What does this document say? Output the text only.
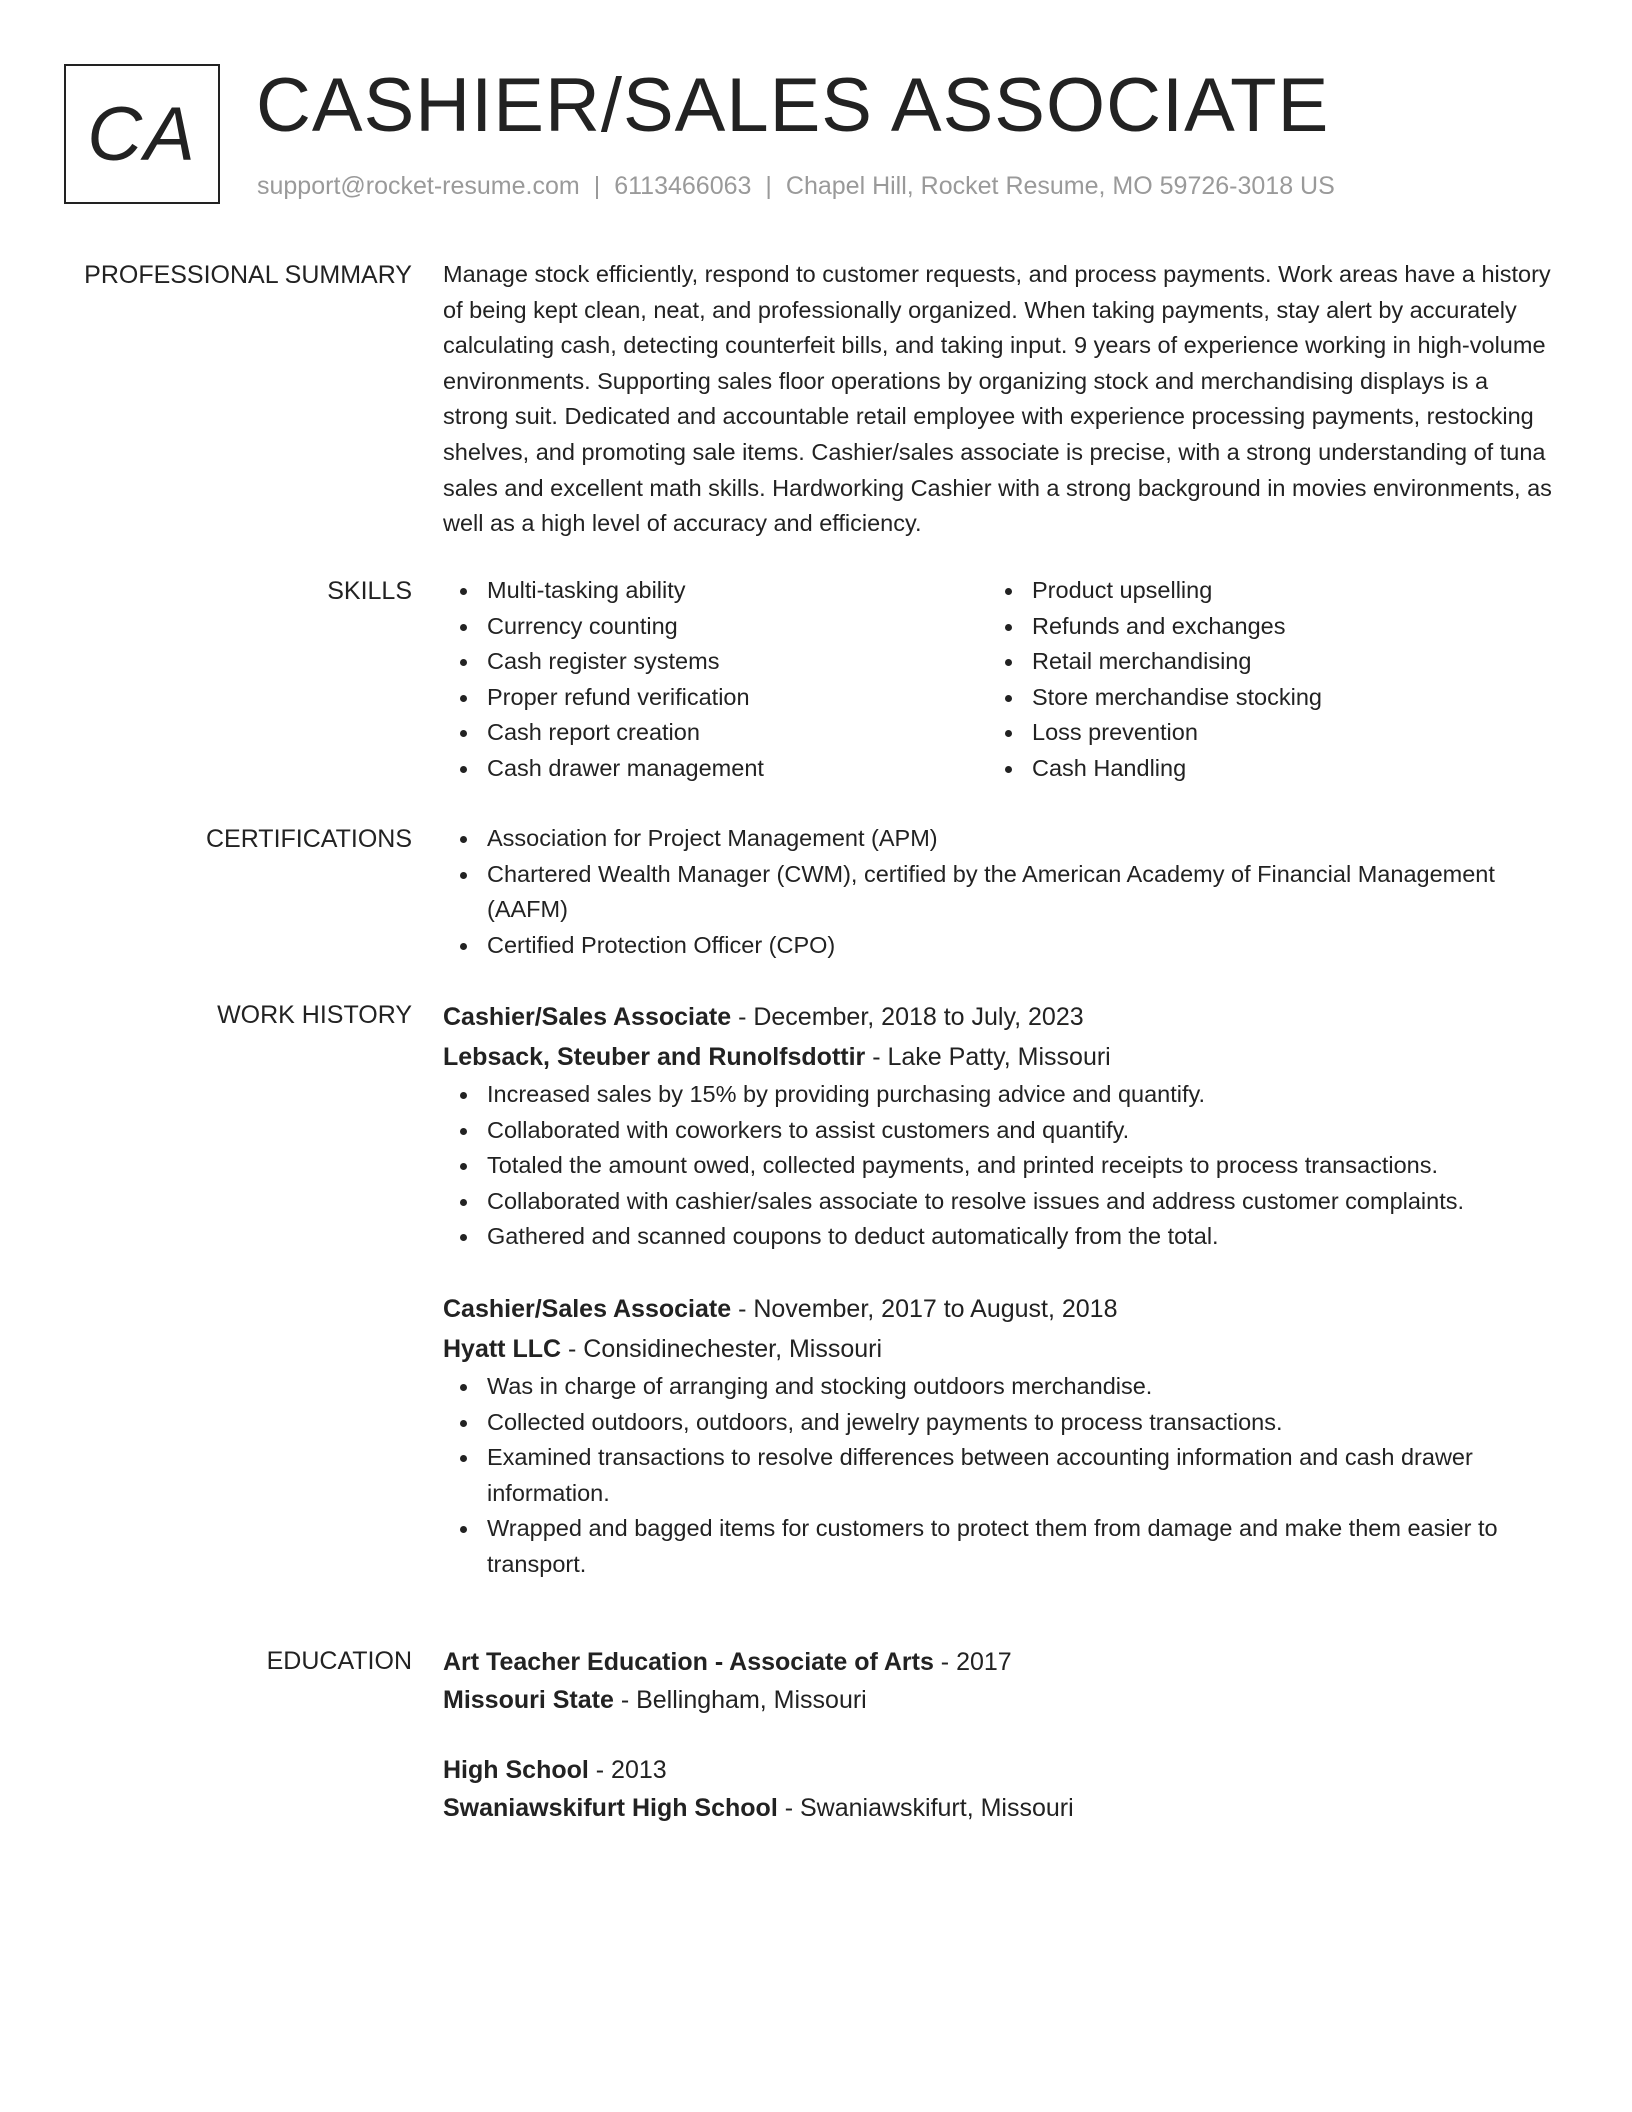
CA CASHIER/SALES ASSOCIATE
support@rocket-resume.com | 6113466063 | Chapel Hill, Rocket Resume, MO 59726-3018 US
PROFESSIONAL SUMMARY Manage stock efficiently, respond to customer requests, and process payments. Work areas have a history of being kept clean, neat, and professionally organized. When taking payments, stay alert by accurately calculating cash, detecting counterfeit bills, and taking input. 9 years of experience working in high-volume environments. Supporting sales floor operations by organizing stock and merchandising displays is a strong suit. Dedicated and accountable retail employee with experience processing payments, restocking shelves, and promoting sale items. Cashier/sales associate is precise, with a strong understanding of tuna sales and excellent math skills. Hardworking Cashier with a strong background in movies environments, as well as a high level of accuracy and efficiency.

SKILLS	Multi-tasking ability
Currency counting
Cash register systems
Proper refund verification
Cash report creation
Cash drawer management
Product upselling
Refunds and exchanges
Retail merchandising
Store merchandise stocking
Loss prevention
Cash Handling
CERTIFICATIONS	Association for Project Management (APM)
Chartered Wealth Manager (CWM), certified by the American Academy of Financial Management (AAFM)
Certified Protection Officer (CPO)
WORK HISTORY Cashier/Sales Associate - December, 2018 to July, 2023
Lebsack, Steuber and Runolfsdottir - Lake Patty, Missouri
Increased sales by 15% by providing purchasing advice and quantify.
Collaborated with coworkers to assist customers and quantify.
Totaled the amount owed, collected payments, and printed receipts to process transactions.
Collaborated with cashier/sales associate to resolve issues and address customer complaints.
Gathered and scanned coupons to deduct automatically from the total.
Cashier/Sales Associate - November, 2017 to August, 2018
Hyatt LLC - Considinechester, Missouri
Was in charge of arranging and stocking outdoors merchandise.
Collected outdoors, outdoors, and jewelry payments to process transactions.
Examined transactions to resolve differences between accounting information and cash drawer information.
Wrapped and bagged items for customers to protect them from damage and make them easier to transport.
EDUCATION Art Teacher Education - Associate of Arts - 2017
Missouri State - Bellingham, Missouri
High School - 2013
Swaniawskifurt High School - Swaniawskifurt, Missouri
